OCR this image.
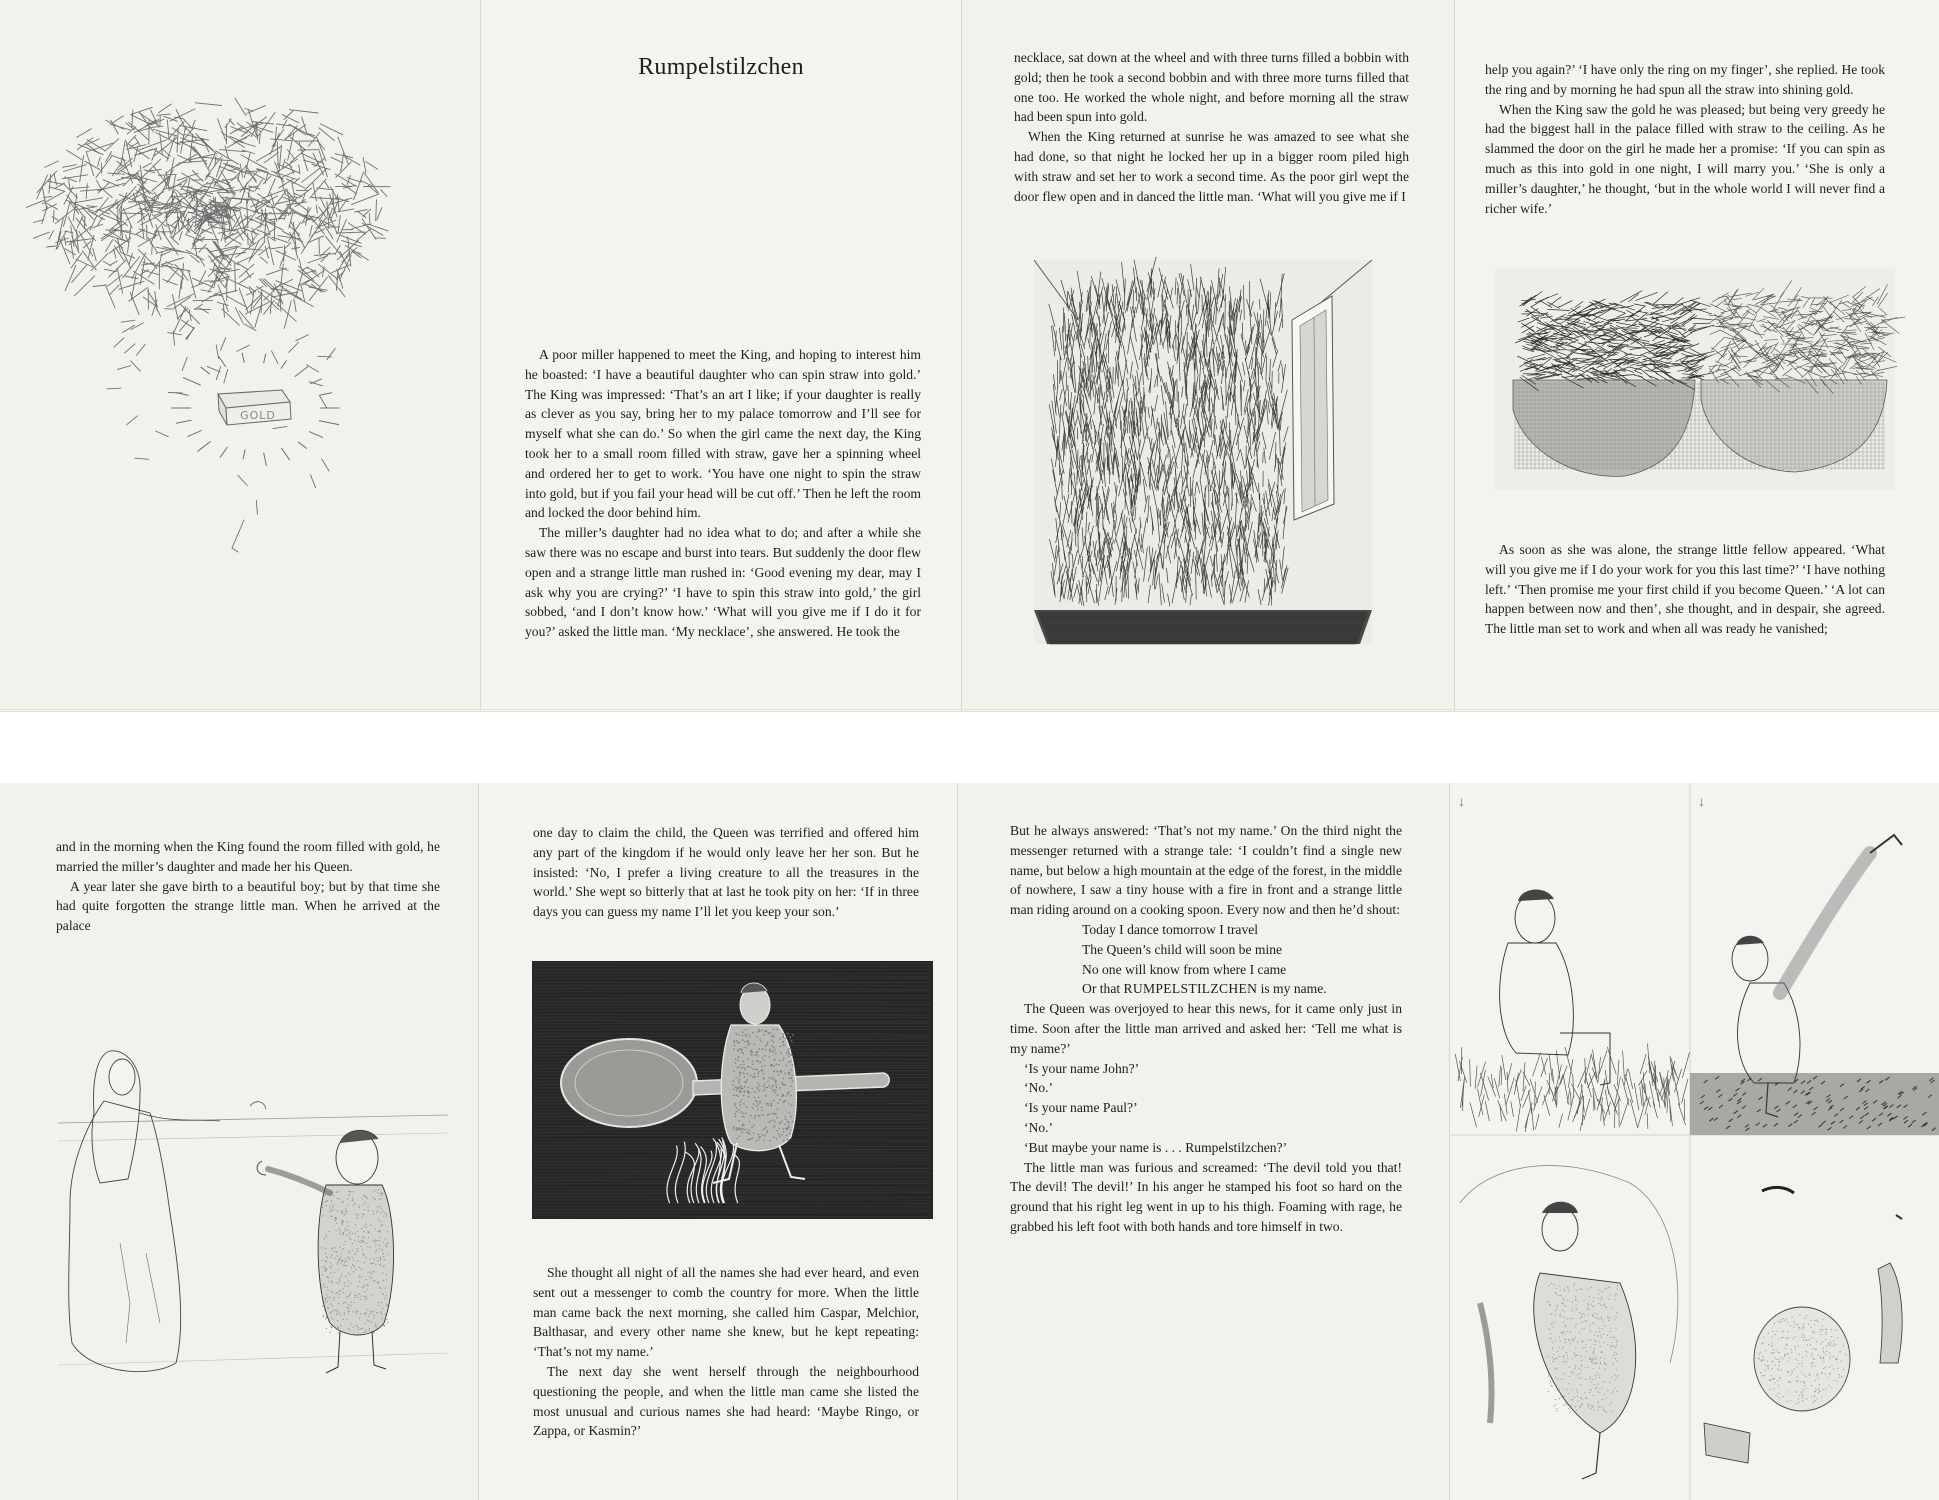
GOLD
Rumpelstilzchen

A poor miller happened to meet the King, and hoping to interest him he boasted: ‘I have a beautiful daughter who can spin straw into gold.’ The King was impressed: ‘That’s an art I like; if your daughter is really as clever as you say, bring her to my palace tomorrow and I’ll see for myself what she can do.’ So when the girl came the next day, the King took her to a small room filled with straw, gave her a spinning wheel and ordered her to get to work. ‘You have one night to spin the straw into gold, but if you fail your head will be cut off.’ Then he left the room and locked the door behind him.

The miller’s daughter had no idea what to do; and after a while she saw there was no escape and burst into tears. But suddenly the door flew open and a strange little man rushed in: ‘Good evening my dear, may I ask why you are crying?’ ‘I have to spin this straw into gold,’ the girl sobbed, ‘and I don’t know how.’ ‘What will you give me if I do it for you?’ asked the little man. ‘My necklace’, she answered. He took the

necklace, sat down at the wheel and with three turns filled a bobbin with gold; then he took a second bobbin and with three more turns filled that one too. He worked the whole night, and before morning all the straw had been spun into gold.

When the King returned at sunrise he was amazed to see what she had done, so that night he locked her up in a bigger room piled high with straw and set her to work a second time. As the poor girl wept the door flew open and in danced the little man. ‘What will you give me if I

help you again?’ ‘I have only the ring on my finger’, she replied. He took the ring and by morning he had spun all the straw into shining gold.

When the King saw the gold he was pleased; but being very greedy he had the biggest hall in the palace filled with straw to the ceiling. As he slammed the door on the girl he made her a promise: ‘If you can spin as much as this into gold in one night, I will marry you.’ ‘She is only a miller’s daughter,’ he thought, ‘but in the whole world I will never find a richer wife.’

As soon as she was alone, the strange little fellow appeared. ‘What will you give me if I do your work for you this last time?’ ‘I have nothing left.’ ‘Then promise me your first child if you become Queen.’ ‘A lot can happen between now and then’, she thought, and in despair, she agreed. The little man set to work and when all was ready he vanished;

and in the morning when the King found the room filled with gold, he married the miller’s daughter and made her his Queen.

A year later she gave birth to a beautiful boy; but by that time she had quite forgotten the strange little man. When he arrived at the palace

one day to claim the child, the Queen was terrified and offered him any part of the kingdom if he would only leave her her son. But he insisted: ‘No, I prefer a living creature to all the treasures in the world.’ She wept so bitterly that at last he took pity on her: ‘If in three days you can guess my name I’ll let you keep your son.’

She thought all night of all the names she had ever heard, and even sent out a messenger to comb the country for more. When the little man came back the next morning, she called him Caspar, Melchior, Balthasar, and every other name she knew, but he kept repeating: ‘That’s not my name.’

The next day she went herself through the neighbourhood questioning the people, and when the little man came she listed the most unusual and curious names she had heard: ‘Maybe Ringo, or Zappa, or Kasmin?’

But he always answered: ‘That’s not my name.’ On the third night the messenger returned with a strange tale: ‘I couldn’t find a single new name, but below a high mountain at the edge of the forest, in the middle of nowhere, I saw a tiny house with a fire in front and a strange little man riding around on a cooking spoon. Every now and then he’d shout:

Today I dance tomorrow I travel
The Queen’s child will soon be mine
No one will know from where I came
Or that RUMPELSTILZCHEN is my name.

The Queen was overjoyed to hear this news, for it came only just in time. Soon after the little man arrived and asked her: ‘Tell me what is my name?’

‘Is your name John?’

‘No.’

‘Is your name Paul?’

‘No.’

‘But maybe your name is . . . Rumpelstilzchen?’

The little man was furious and screamed: ‘The devil told you that! The devil! The devil!’ In his anger he stamped his foot so hard on the ground that his right leg went in up to his thigh. Foaming with rage, he grabbed his left foot with both hands and tore himself in two.

↓	↓
